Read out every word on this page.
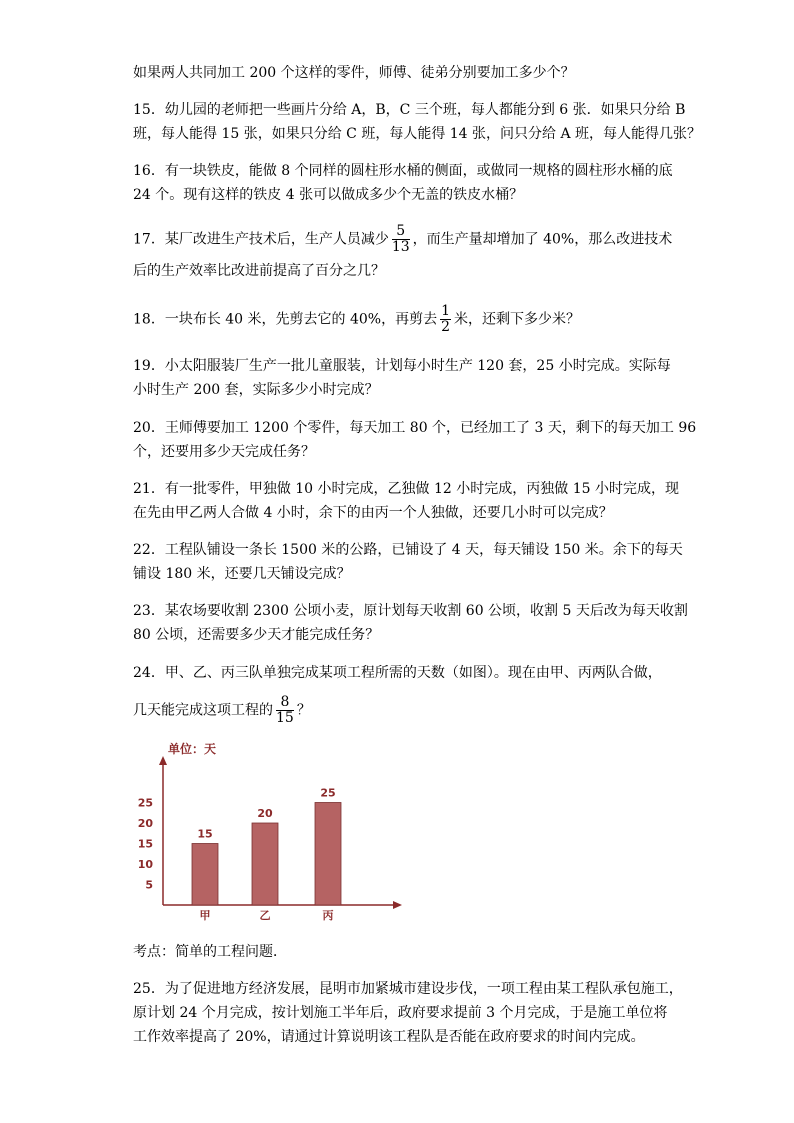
如果两人共同加工 200 个这样的零件，师傅、徒弟分别要加工多少个？
15．幼儿园的老师把一些画片分给 A，B，C 三个班，每人都能分到 6 张．如果只分给 B
班，每人能得 15 张，如果只分给 C 班，每人能得 14 张，问只分给 A 班，每人能得几张？
16．有一块铁皮，能做 8 个同样的圆柱形水桶的侧面，或做同一规格的圆柱形水桶的底
24 个。现有这样的铁皮 4 张可以做成多少个无盖的铁皮水桶？
17．某厂改进生产技术后，生产人员减少 $\frac{5}{13}$ ，而生产量却增加了 40%，那么改进技术
后的生产效率比改进前提高了百分之几？
18．一块布长 40 米，先剪去它的 40%，再剪去 $\frac{1}{2}$ 米，还剩下多少米？
19．小太阳服装厂生产一批儿童服装，计划每小时生产 120 套，25 小时完成。实际每
小时生产 200 套，实际多少小时完成？
20．王师傅要加工 1200 个零件，每天加工 80 个，已经加工了 3 天，剩下的每天加工 96
个，还要用多少天完成任务？
21．有一批零件，甲独做 10 小时完成，乙独做 12 小时完成，丙独做 15 小时完成，现
在先由甲乙两人合做 4 小时，余下的由丙一个人独做，还要几小时可以完成？
22．工程队铺设一条长 1500 米的公路，已铺设了 4 天，每天铺设 150 米。余下的每天
铺设 180 米，还要几天铺设完成？
23．某农场要收割 2300 公顷小麦，原计划每天收割 60 公顷，收割 5 天后改为每天收割
80 公顷，还需要多少天才能完成任务？
24．甲、乙、丙三队单独完成某项工程所需的天数（如图）。现在由甲、丙两队合做，
几天能完成这项工程的 $\frac{8}{15}$ ？
单位：天
5
10
15
20
25
15
甲
20
乙
25
丙
考点：简单的工程问题．
25．为了促进地方经济发展，昆明市加紧城市建设步伐，一项工程由某工程队承包施工，
原计划 24 个月完成，按计划施工半年后，政府要求提前 3 个月完成，于是施工单位将
工作效率提高了 20%，请通过计算说明该工程队是否能在政府要求的时间内完成。
